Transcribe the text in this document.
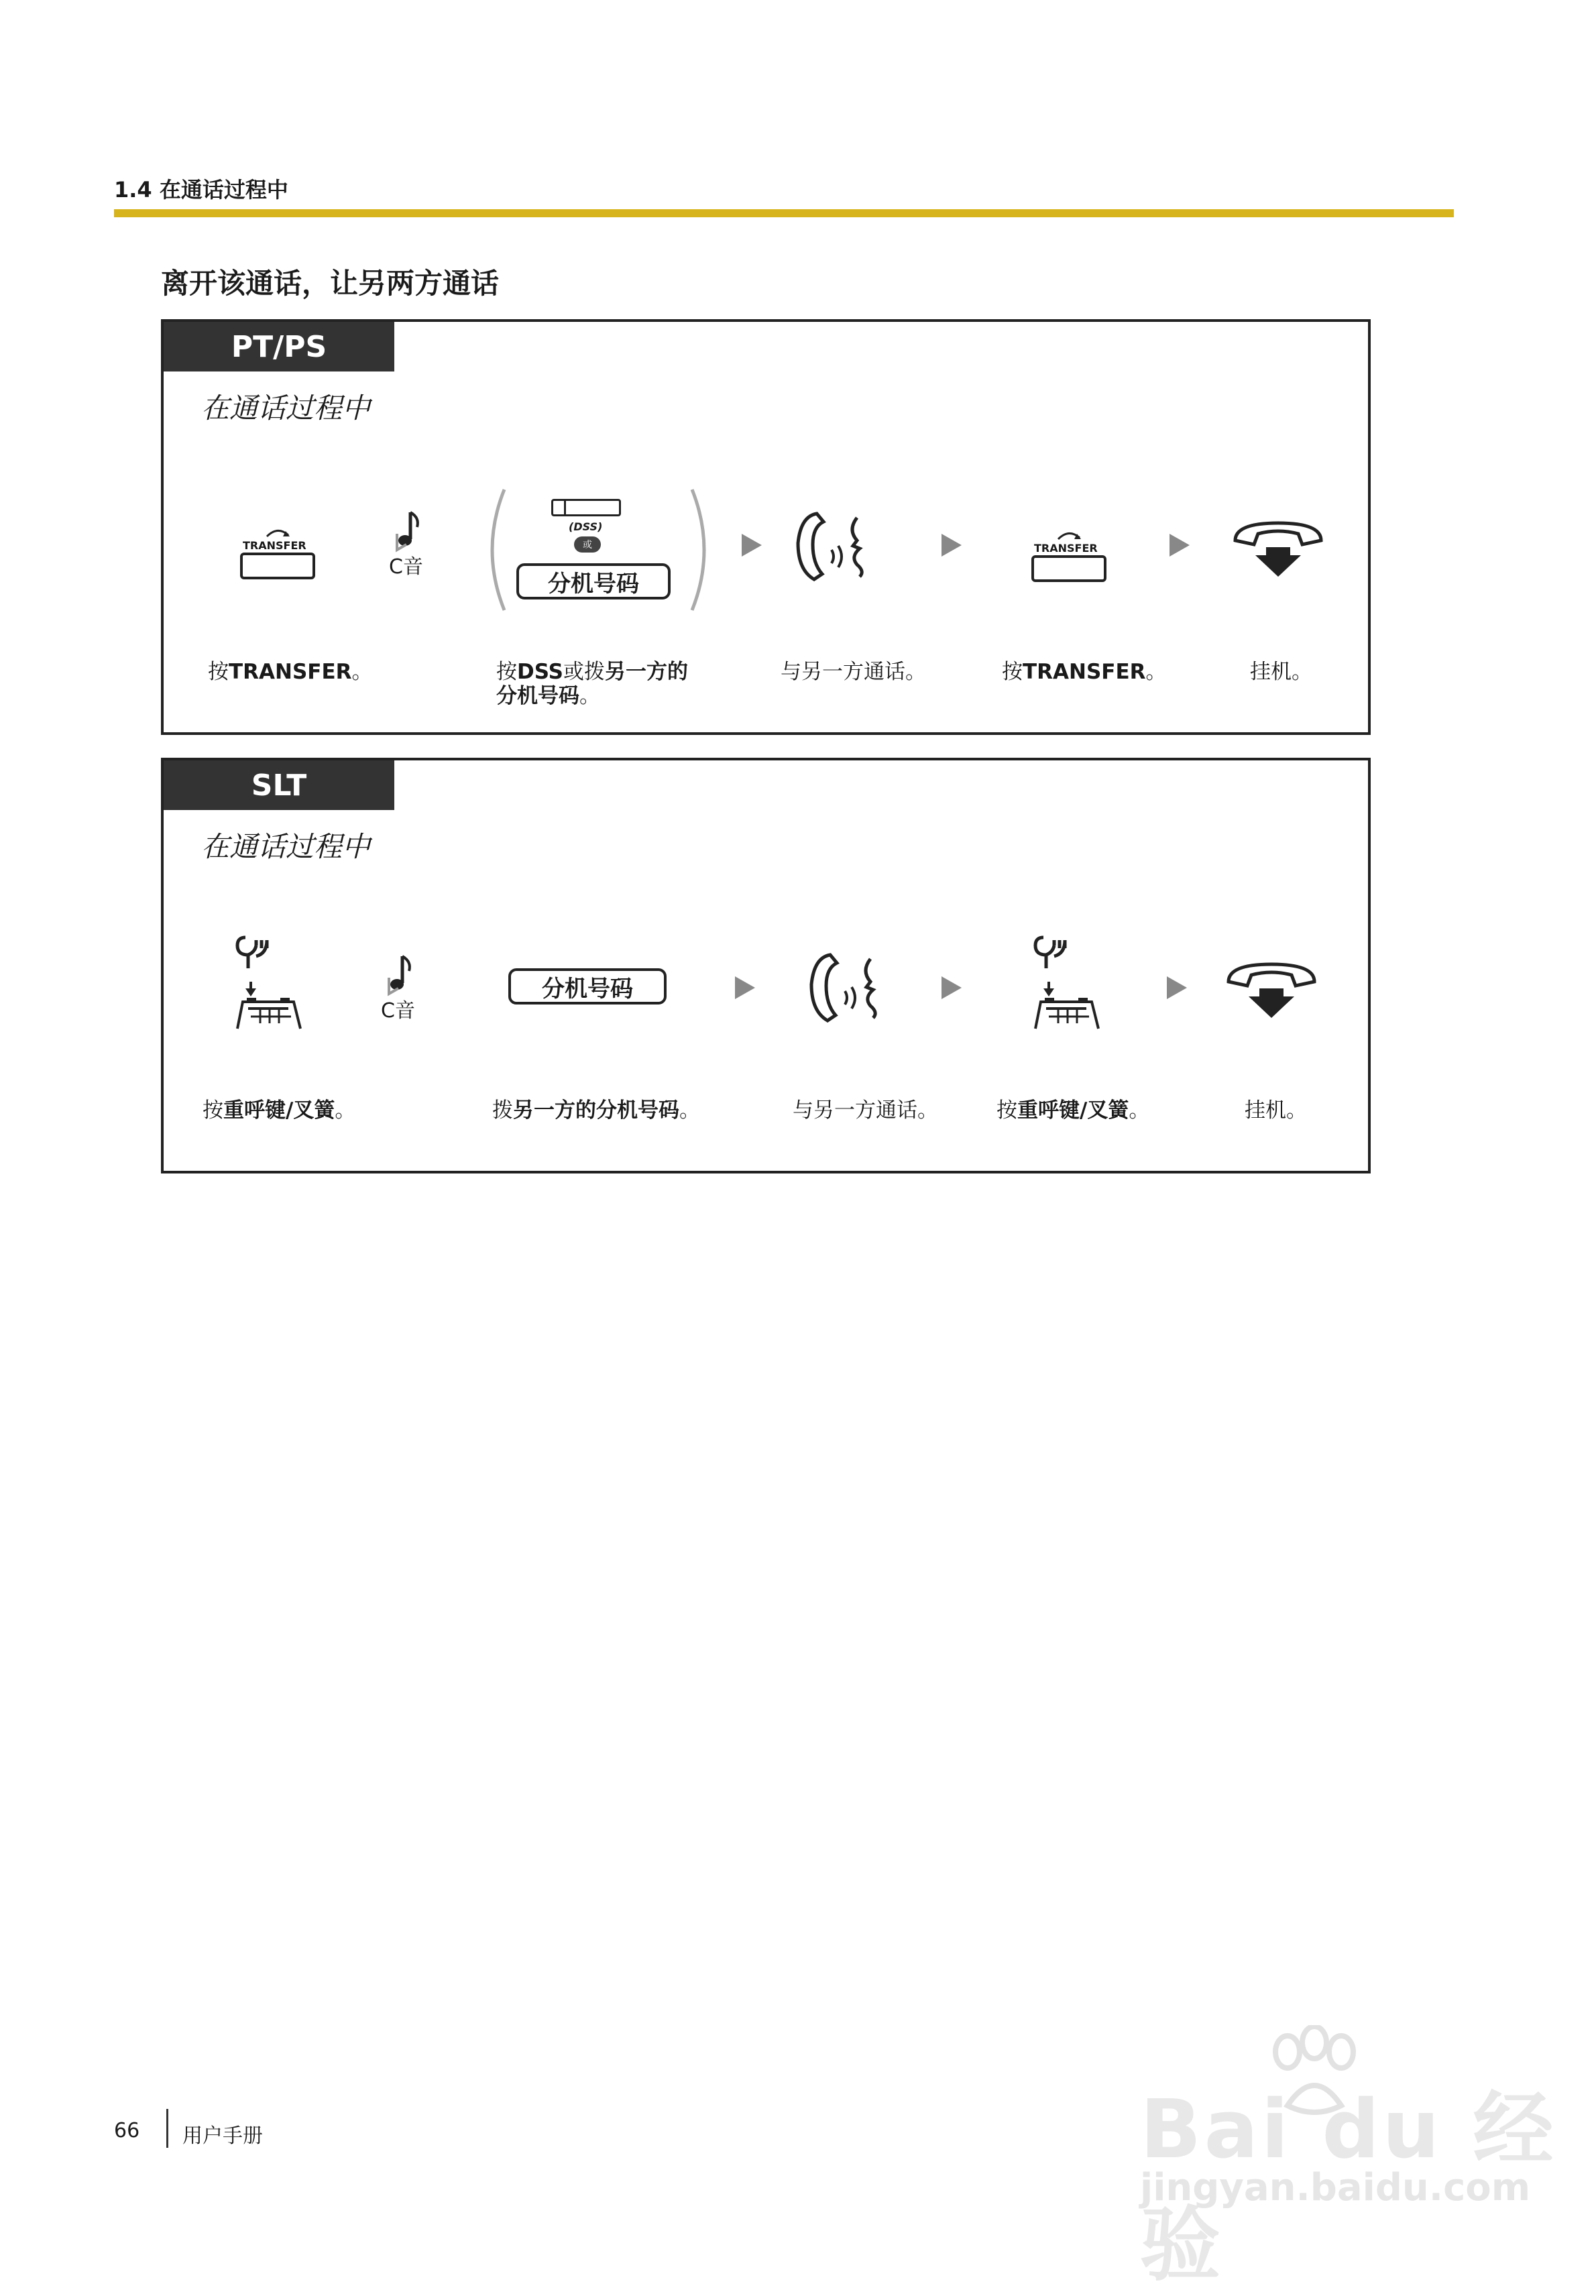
1.4 在通话过程中
离开该通话，让另两方通话
PT/PS
在通话过程中
TRANSFER
C音
(DSS)
或
分机号码
TRANSFER
按TRANSFER。	按DSS或拨另一方的
分机号码。
与另一方通话。	按TRANSFER。	挂机。
SLT
在通话过程中
C音
分机号码
按重呼键/叉簧。	拨另一方的分机号码。	与另一方通话。	按重呼键/叉簧。	挂机。
66 用户手册	Bai du 经验
jingyan.baidu.com
